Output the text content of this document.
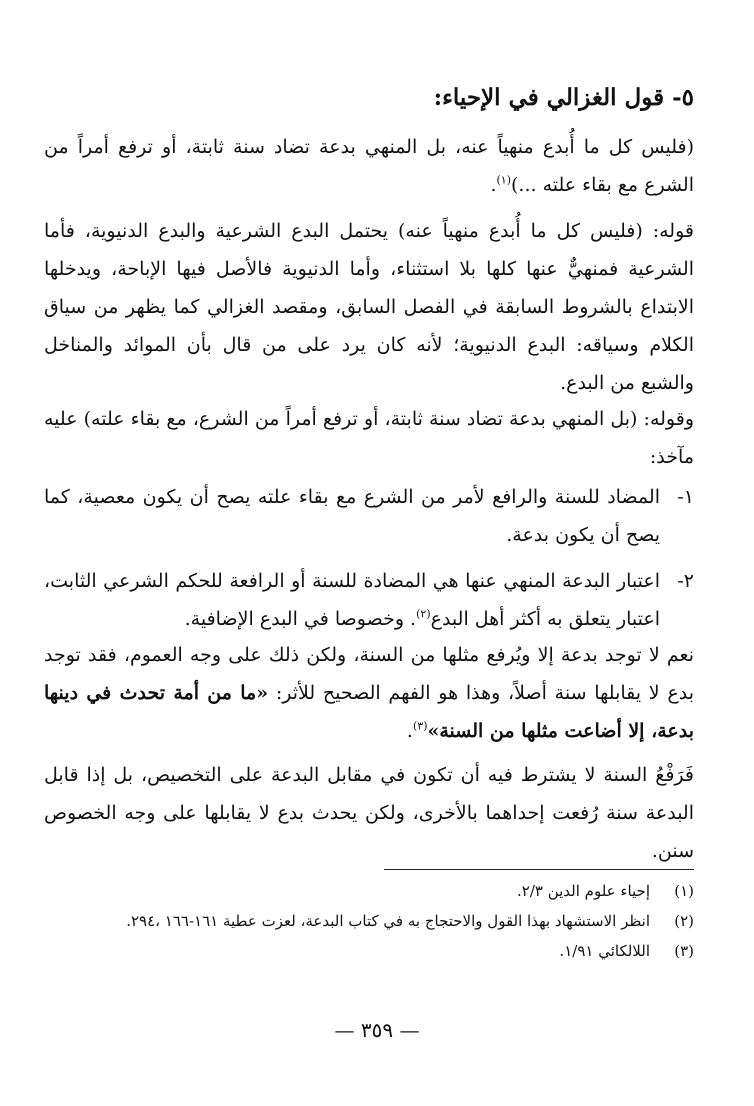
٥- قول الغزالي في الإحياء:
(فليس كل ما أُبدع منهياً عنه، بل المنهي بدعة تضاد سنة ثابتة، أو ترفع أمراً من الشرع مع بقاء علته ...)$^{(١)}$.
قوله: (فليس كل ما أُبدع منهياً عنه) يحتمل البدع الشرعية والبدع الدنيوية، فأما الشرعية فمنهيٌّ عنها كلها بلا استثناء، وأما الدنيوية فالأصل فيها الإباحة، ويدخلها الابتداع بالشروط السابقة في الفصل السابق، ومقصد الغزالي كما يظهر من سياق الكلام وسياقه: البدع الدنيوية؛ لأنه كان يرد على من قال بأن الموائد والمناخل والشبع من البدع.
وقوله: (بل المنهي بدعة تضاد سنة ثابتة، أو ترفع أمراً من الشرع، مع بقاء علته) عليه مآخذ:
١-
المضاد للسنة والرافع لأمر من الشرع مع بقاء علته يصح أن يكون معصية، كما يصح أن يكون بدعة.
٢-
اعتبار البدعة المنهي عنها هي المضادة للسنة أو الرافعة للحكم الشرعي الثابت، اعتبار يتعلق به أكثر أهل البدع$^{(٢)}$. وخصوصا في البدع الإضافية.
نعم لا توجد بدعة إلا ويُرفع مثلها من السنة، ولكن ذلك على وجه العموم، فقد توجد بدع لا يقابلها سنة أصلاً، وهذا هو الفهم الصحيح للأثر: «ما من أمة تحدث في دينها بدعة، إلا أضاعت مثلها من السنة»$^{(٣)}$.
فَرَفْعُ السنة لا يشترط فيه أن تكون في مقابل البدعة على التخصيص، بل إذا قابل البدعة سنة رُفعت إحداهما بالأخرى، ولكن يحدث بدع لا يقابلها على وجه الخصوص سنن.
(١)
إحياء علوم الدين ٢/٣.
(٢)
انظر الاستشهاد بهذا القول والاحتجاج به في كتاب البدعة، لعزت عطية ١٦١-١٦٦ ،٢٩٤.
(٣)
اللالكائي ١/٩١.
— ٣٥٩ —
